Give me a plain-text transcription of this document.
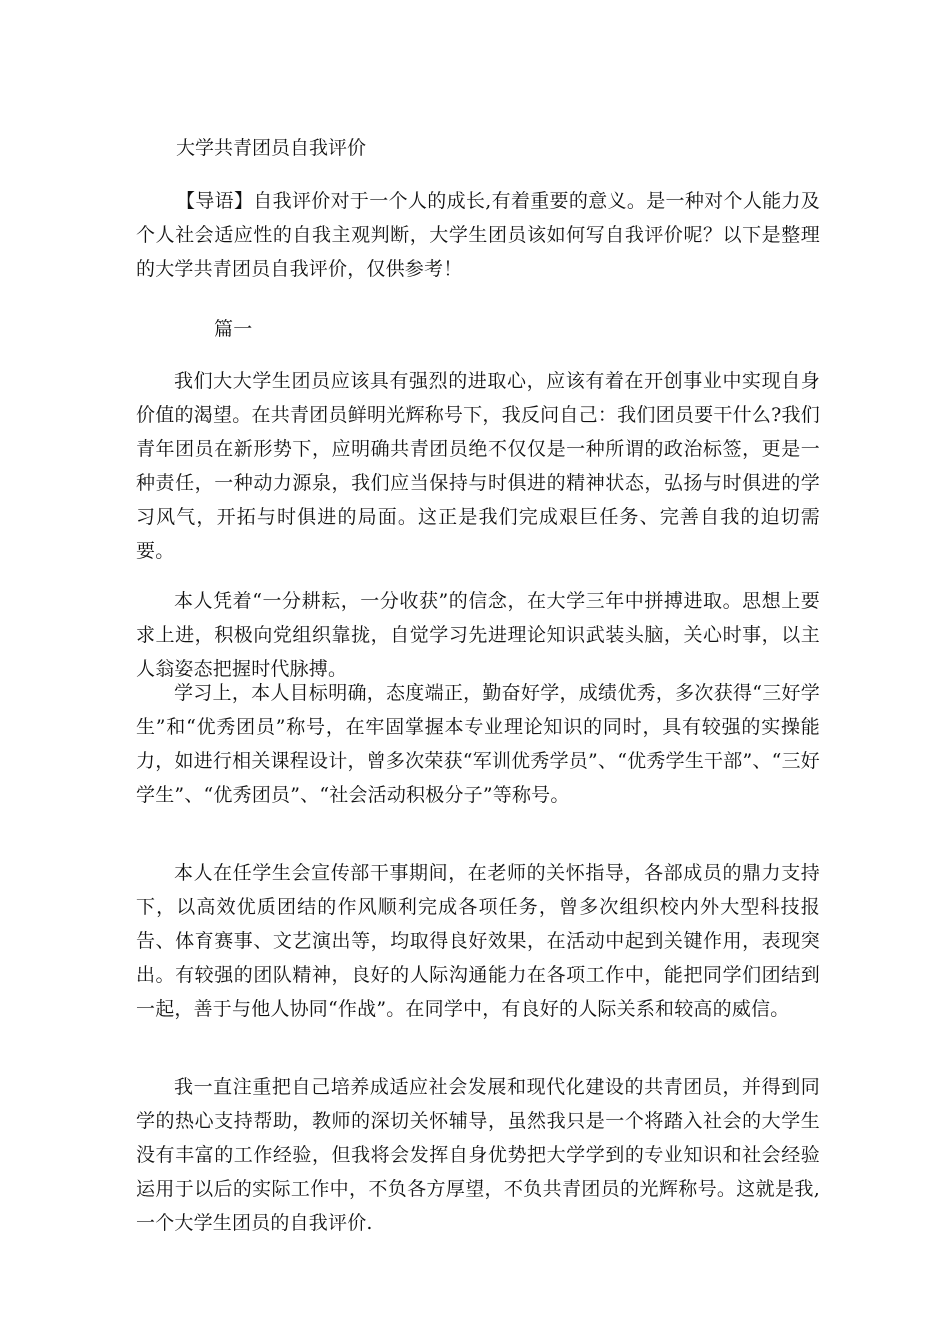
大学共青团员自我评价

【导语】自我评价对于一个人的成长,有着重要的意义。是一种对个人能力及个人社会适应性的自我主观判断，大学生团员该如何写自我评价呢？以下是整理的大学共青团员自我评价，仅供参考！

篇一

我们大大学生团员应该具有强烈的进取心，应该有着在开创事业中实现自身价值的渴望。在共青团员鲜明光辉称号下，我反问自己：我们团员要干什么?我们青年团员在新形势下，应明确共青团员绝不仅仅是一种所谓的政治标签，更是一种责任，一种动力源泉，我们应当保持与时俱进的精神状态，弘扬与时俱进的学习风气，开拓与时俱进的局面。这正是我们完成艰巨任务、完善自我的迫切需要。

本人凭着“一分耕耘，一分收获”的信念，在大学三年中拼搏进取。思想上要求上进，积极向党组织靠拢，自觉学习先进理论知识武装头脑，关心时事，以主人翁姿态把握时代脉搏。

学习上，本人目标明确，态度端正，勤奋好学，成绩优秀，多次获得“三好学生”和“优秀团员”称号，在牢固掌握本专业理论知识的同时，具有较强的实操能力，如进行相关课程设计，曾多次荣获“军训优秀学员”、“优秀学生干部”、“三好学生”、“优秀团员”、“社会活动积极分子”等称号。

本人在任学生会宣传部干事期间，在老师的关怀指导，各部成员的鼎力支持下，以高效优质团结的作风顺利完成各项任务，曾多次组织校内外大型科技报告、体育赛事、文艺演出等，均取得良好效果，在活动中起到关键作用，表现突出。有较强的团队精神，良好的人际沟通能力在各项工作中，能把同学们团结到一起，善于与他人协同“作战”。在同学中，有良好的人际关系和较高的威信。

我一直注重把自己培养成适应社会发展和现代化建设的共青团员，并得到同学的热心支持帮助，教师的深切关怀辅导，虽然我只是一个将踏入社会的大学生没有丰富的工作经验，但我将会发挥自身优势把大学学到的专业知识和社会经验运用于以后的实际工作中，不负各方厚望，不负共青团员的光辉称号。这就是我,一个大学生团员的自我评价.
